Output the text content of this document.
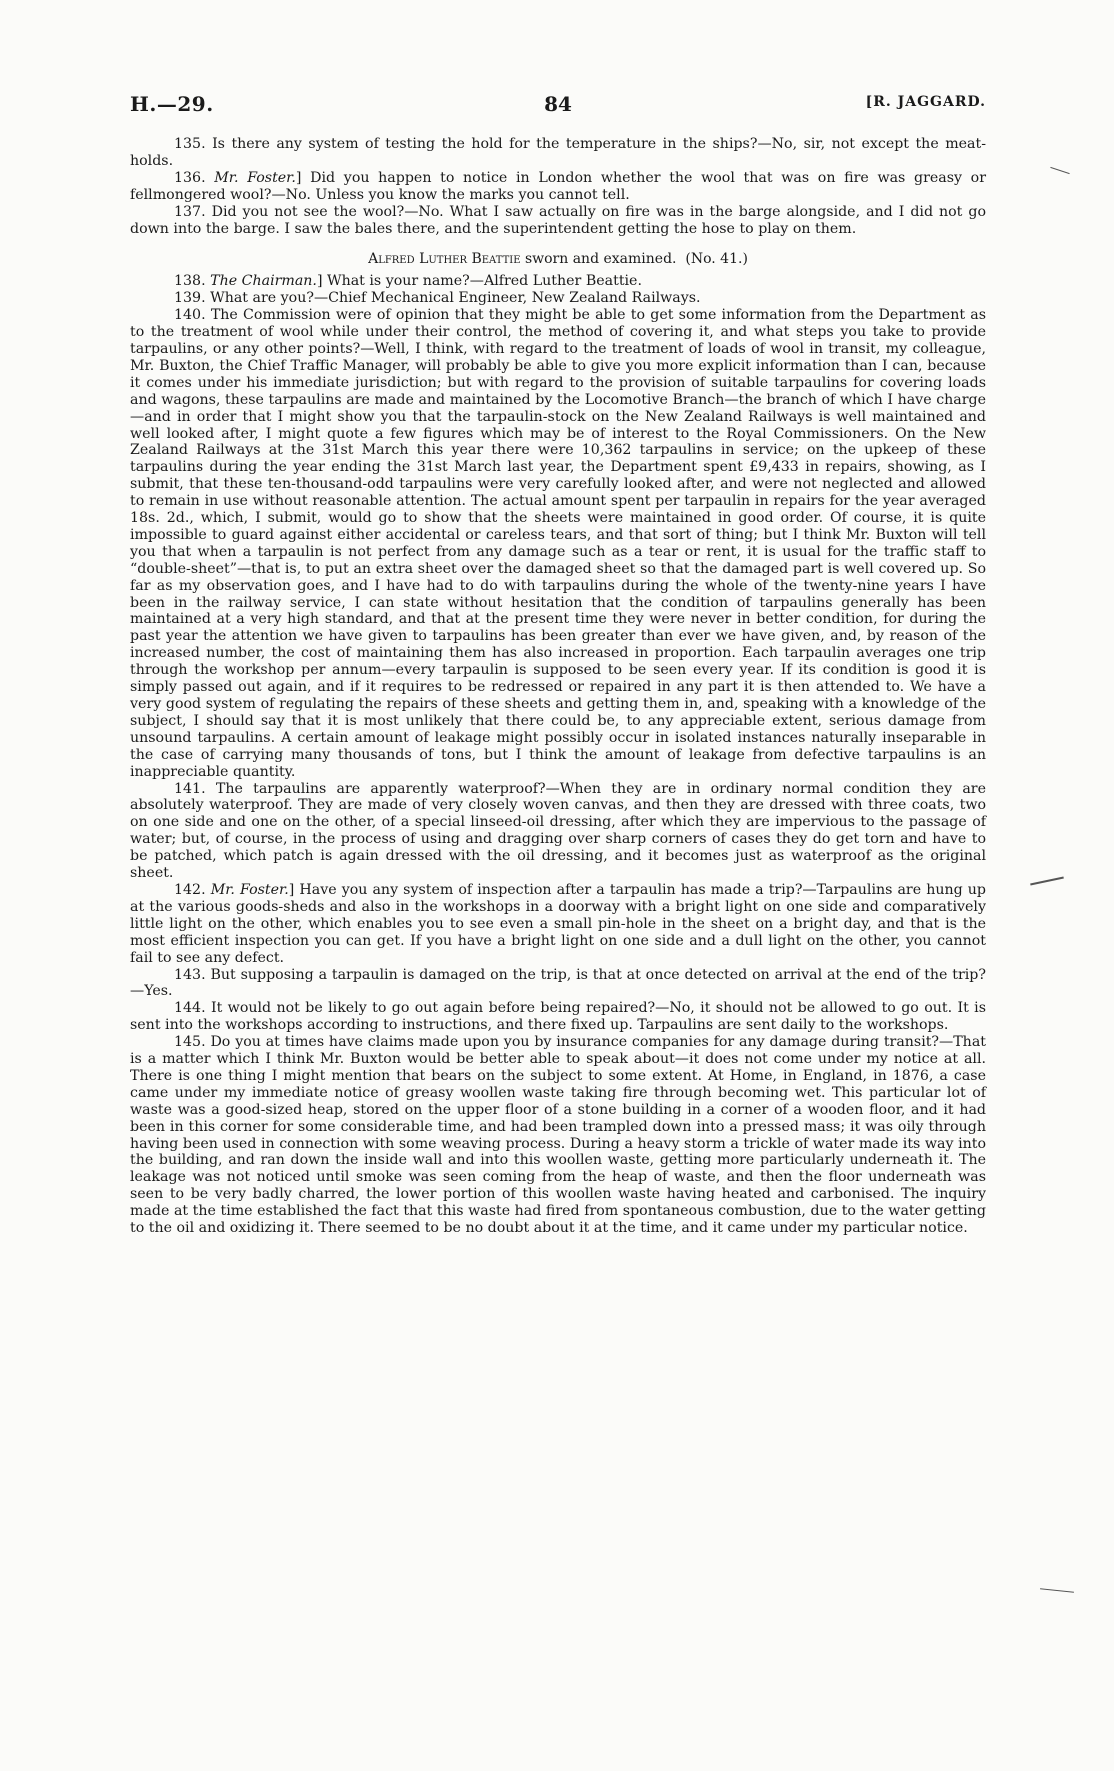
H.—29.	84	[R. JAGGARD.

135. Is there any system of testing the hold for the temperature in the ships?—No, sir, not except the meat-holds.

136. Mr. Foster.] Did you happen to notice in London whether the wool that was on fire was greasy or fellmongered wool?—No. Unless you know the marks you cannot tell.

137. Did you not see the wool?—No. What I saw actually on fire was in the barge alongside, and I did not go down into the barge. I saw the bales there, and the superintendent getting the hose to play on them.

Alfred Luther Beattie sworn and examined. (No. 41.)

138. The Chairman.] What is your name?—Alfred Luther Beattie.

139. What are you?—Chief Mechanical Engineer, New Zealand Railways.

140. The Commission were of opinion that they might be able to get some information from the Department as to the treatment of wool while under their control, the method of covering it, and what steps you take to provide tarpaulins, or any other points?—Well, I think, with regard to the treatment of loads of wool in transit, my colleague, Mr. Buxton, the Chief Traffic Manager, will probably be able to give you more explicit information than I can, because it comes under his immediate jurisdiction; but with regard to the provision of suitable tarpaulins for covering loads and wagons, these tarpaulins are made and maintained by the Locomotive Branch—the branch of which I have charge—and in order that I might show you that the tarpaulin-stock on the New Zealand Railways is well maintained and well looked after, I might quote a few figures which may be of interest to the Royal Commissioners. On the New Zealand Railways at the 31st March this year there were 10,362 tarpaulins in service; on the upkeep of these tarpaulins during the year ending the 31st March last year, the Department spent £9,433 in repairs, showing, as I submit, that these ten-thousand-odd tarpaulins were very carefully looked after, and were not neglected and allowed to remain in use without reasonable attention. The actual amount spent per tarpaulin in repairs for the year averaged 18s. 2d., which, I submit, would go to show that the sheets were maintained in good order. Of course, it is quite impossible to guard against either accidental or careless tears, and that sort of thing; but I think Mr. Buxton will tell you that when a tarpaulin is not perfect from any damage such as a tear or rent, it is usual for the traffic staff to “double-sheet”—that is, to put an extra sheet over the damaged sheet so that the damaged part is well covered up. So far as my observation goes, and I have had to do with tarpaulins during the whole of the twenty-nine years I have been in the railway service, I can state without hesitation that the condition of tarpaulins generally has been maintained at a very high standard, and that at the present time they were never in better condition, for during the past year the attention we have given to tarpaulins has been greater than ever we have given, and, by reason of the increased number, the cost of maintaining them has also increased in proportion. Each tarpaulin averages one trip through the workshop per annum—every tarpaulin is supposed to be seen every year. If its condition is good it is simply passed out again, and if it requires to be redressed or repaired in any part it is then attended to. We have a very good system of regulating the repairs of these sheets and getting them in, and, speaking with a knowledge of the subject, I should say that it is most unlikely that there could be, to any appreciable extent, serious damage from unsound tarpaulins. A certain amount of leakage might possibly occur in isolated instances naturally inseparable in the case of carrying many thousands of tons, but I think the amount of leakage from defective tarpaulins is an inappreciable quantity.

141. The tarpaulins are apparently waterproof?—When they are in ordinary normal condition they are absolutely waterproof. They are made of very closely woven canvas, and then they are dressed with three coats, two on one side and one on the other, of a special linseed-oil dressing, after which they are impervious to the passage of water; but, of course, in the process of using and dragging over sharp corners of cases they do get torn and have to be patched, which patch is again dressed with the oil dressing, and it becomes just as waterproof as the original sheet.

142. Mr. Foster.] Have you any system of inspection after a tarpaulin has made a trip?—Tarpaulins are hung up at the various goods-sheds and also in the workshops in a doorway with a bright light on one side and comparatively little light on the other, which enables you to see even a small pin-hole in the sheet on a bright day, and that is the most efficient inspection you can get. If you have a bright light on one side and a dull light on the other, you cannot fail to see any defect.

143. But supposing a tarpaulin is damaged on the trip, is that at once detected on arrival at the end of the trip?—Yes.

144. It would not be likely to go out again before being repaired?—No, it should not be allowed to go out. It is sent into the workshops according to instructions, and there fixed up. Tarpaulins are sent daily to the workshops.

145. Do you at times have claims made upon you by insurance companies for any damage during transit?—That is a matter which I think Mr. Buxton would be better able to speak about—it does not come under my notice at all. There is one thing I might mention that bears on the subject to some extent. At Home, in England, in 1876, a case came under my immediate notice of greasy woollen waste taking fire through becoming wet. This particular lot of waste was a good-sized heap, stored on the upper floor of a stone building in a corner of a wooden floor, and it had been in this corner for some considerable time, and had been trampled down into a pressed mass; it was oily through having been used in connection with some weaving process. During a heavy storm a trickle of water made its way into the building, and ran down the inside wall and into this woollen waste, getting more particularly underneath it. The leakage was not noticed until smoke was seen coming from the heap of waste, and then the floor underneath was seen to be very badly charred, the lower portion of this woollen waste having heated and carbonised. The inquiry made at the time established the fact that this waste had fired from spontaneous combustion, due to the water getting to the oil and oxidizing it. There seemed to be no doubt about it at the time, and it came under my particular notice.
